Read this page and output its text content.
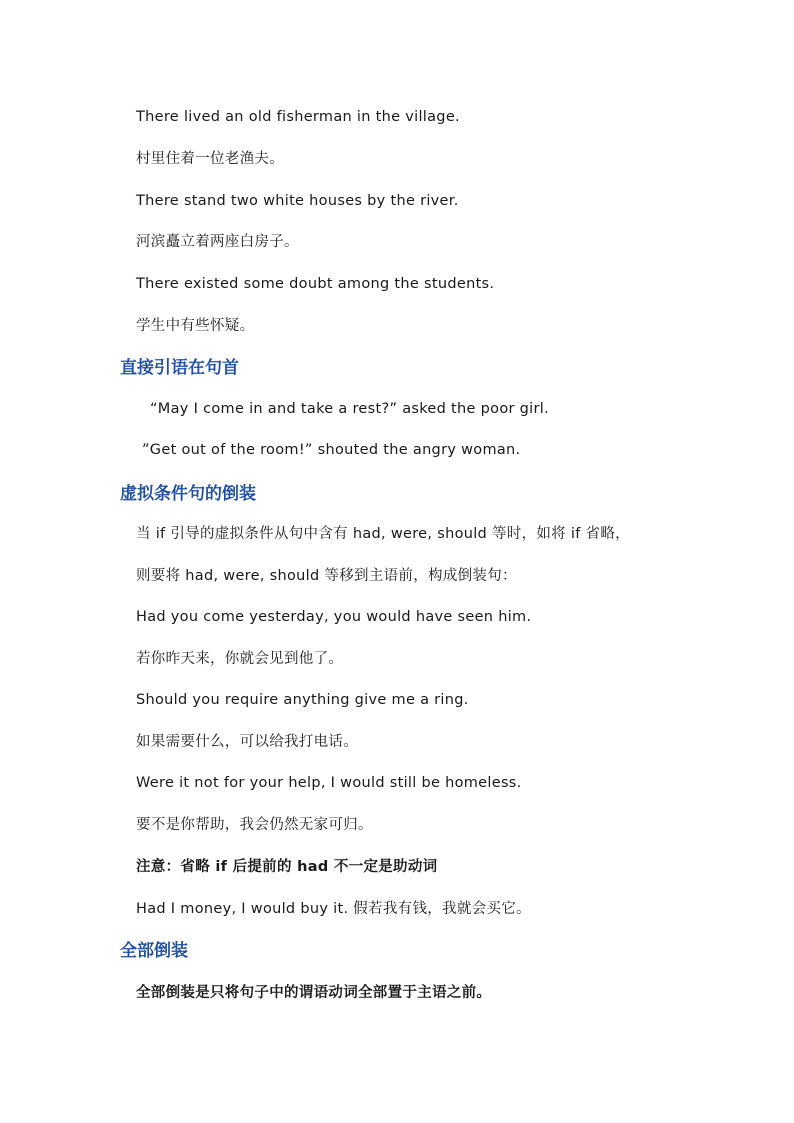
There lived an old fisherman in the village.
村里住着一位老渔夫。
There stand two white houses by the river.
河滨矗立着两座白房子。
There existed some doubt among the students.
学生中有些怀疑。
直接引语在句首
“May I come in and take a rest?” asked the poor girl.
”Get out of the room!” shouted the angry woman.
虚拟条件句的倒装
当 if 引导的虚拟条件从句中含有 had, were, should 等时，如将 if 省略，
则要将 had, were, should 等移到主语前，构成倒装句：
Had you come yesterday, you would have seen him.
若你昨天来，你就会见到他了。
Should you require anything give me a ring.
如果需要什么，可以给我打电话。
Were it not for your help, I would still be homeless.
要不是你帮助，我会仍然无家可归。
注意：省略 if 后提前的 had 不一定是助动词
Had I money, I would buy it. 假若我有钱，我就会买它。
全部倒装
全部倒装是只将句子中的谓语动词全部置于主语之前。
